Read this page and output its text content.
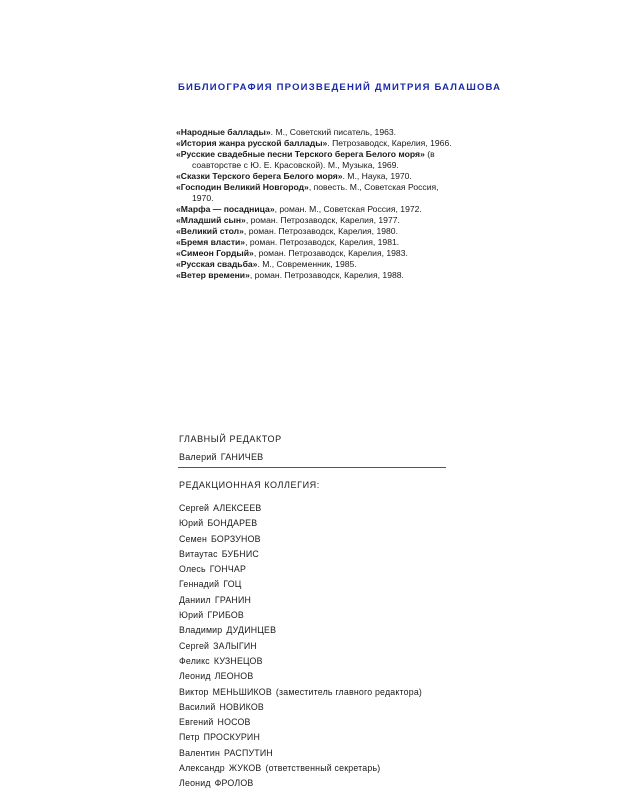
БИБЛИОГРАФИЯ ПРОИЗВЕДЕНИЙ ДМИТРИЯ БАЛАШОВА
«Народные баллады». М., Советский писатель, 1963.
«История жанра русской баллады». Петрозаводск, Карелия, 1966.
«Русские свадебные песни Терского берега Белого моря» (в соавторстве с Ю. Е. Красовской). М., Музыка, 1969.
«Сказки Терского берега Белого моря». М., Наука, 1970.
«Господин Великий Новгород», повесть. М., Советская Россия, 1970.
«Марфа — посадница», роман. М., Советская Россия, 1972.
«Младший сын», роман. Петрозаводск, Карелия, 1977.
«Великий стол», роман. Петрозаводск, Карелия, 1980.
«Бремя власти», роман. Петрозаводск, Карелия, 1981.
«Симеон Гордый», роман. Петрозаводск, Карелия, 1983.
«Русская свадьба». М., Современник, 1985.
«Ветер времени», роман. Петрозаводск, Карелия, 1988.
ГЛАВНЫЙ РЕДАКТОР
Валерий ГАНИЧЕВ
РЕДАКЦИОННАЯ КОЛЛЕГИЯ:
Сергей АЛЕКСЕЕВ
Юрий БОНДАРЕВ
Семен БОРЗУНОВ
Витаутас БУБНИС
Олесь ГОНЧАР
Геннадий ГОЦ
Даниил ГРАНИН
Юрий ГРИБОВ
Владимир ДУДИНЦЕВ
Сергей ЗАЛЫГИН
Феликс КУЗНЕЦОВ
Леонид ЛЕОНОВ
Виктор МЕНЬШИКОВ (заместитель главного редактора)
Василий НОВИКОВ
Евгений НОСОВ
Петр ПРОСКУРИН
Валентин РАСПУТИН
Александр ЖУКОВ (ответственный секретарь)
Леонид ФРОЛОВ
